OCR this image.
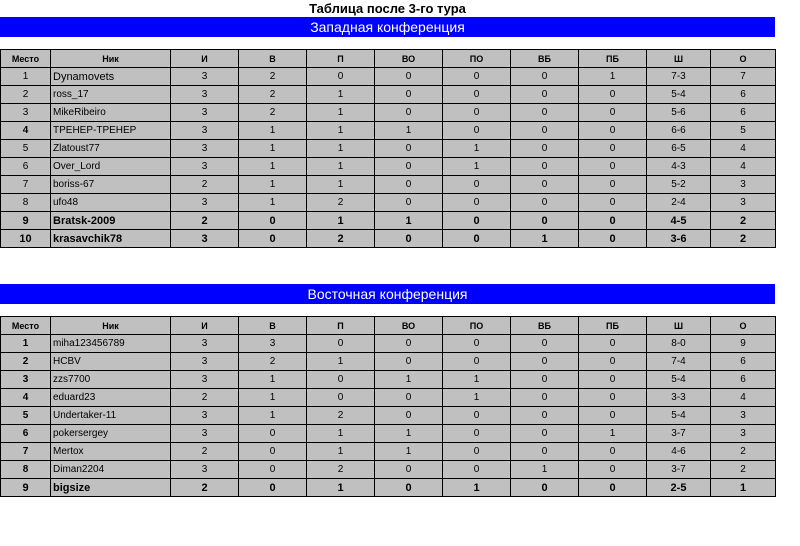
Таблица после 3-го тура
Западная конференция
Место	Ник	И	В	П	ВО	ПО	ВБ	ПБ	Ш	О
1	Dynamovets	3	2	0	0	0	0	1	7-3	7
2	ross_17	3	2	1	0	0	0	0	5-4	6
3	MikeRibeiro	3	2	1	0	0	0	0	5-6	6
4	ТРЕНЕР-ТРЕНЕР	3	1	1	1	0	0	0	6-6	5
5	Zlatoust77	3	1	1	0	1	0	0	6-5	4
6	Over_Lord	3	1	1	0	1	0	0	4-3	4
7	boriss-67	2	1	1	0	0	0	0	5-2	3
8	ufo48	3	1	2	0	0	0	0	2-4	3
9	Bratsk-2009	2	0	1	1	0	0	0	4-5	2
10	krasavchik78	3	0	2	0	0	1	0	3-6	2
Восточная конференция
Место	Ник	И	В	П	ВО	ПО	ВБ	ПБ	Ш	О
1	miha123456789	3	3	0	0	0	0	0	8-0	9
2	HCBV	3	2	1	0	0	0	0	7-4	6
3	zzs7700	3	1	0	1	1	0	0	5-4	6
4	eduard23	2	1	0	0	1	0	0	3-3	4
5	Undertaker-11	3	1	2	0	0	0	0	5-4	3
6	pokersergey	3	0	1	1	0	0	1	3-7	3
7	Mertox	2	0	1	1	0	0	0	4-6	2
8	Diman2204	3	0	2	0	0	1	0	3-7	2
9	bigsize	2	0	1	0	1	0	0	2-5	1
